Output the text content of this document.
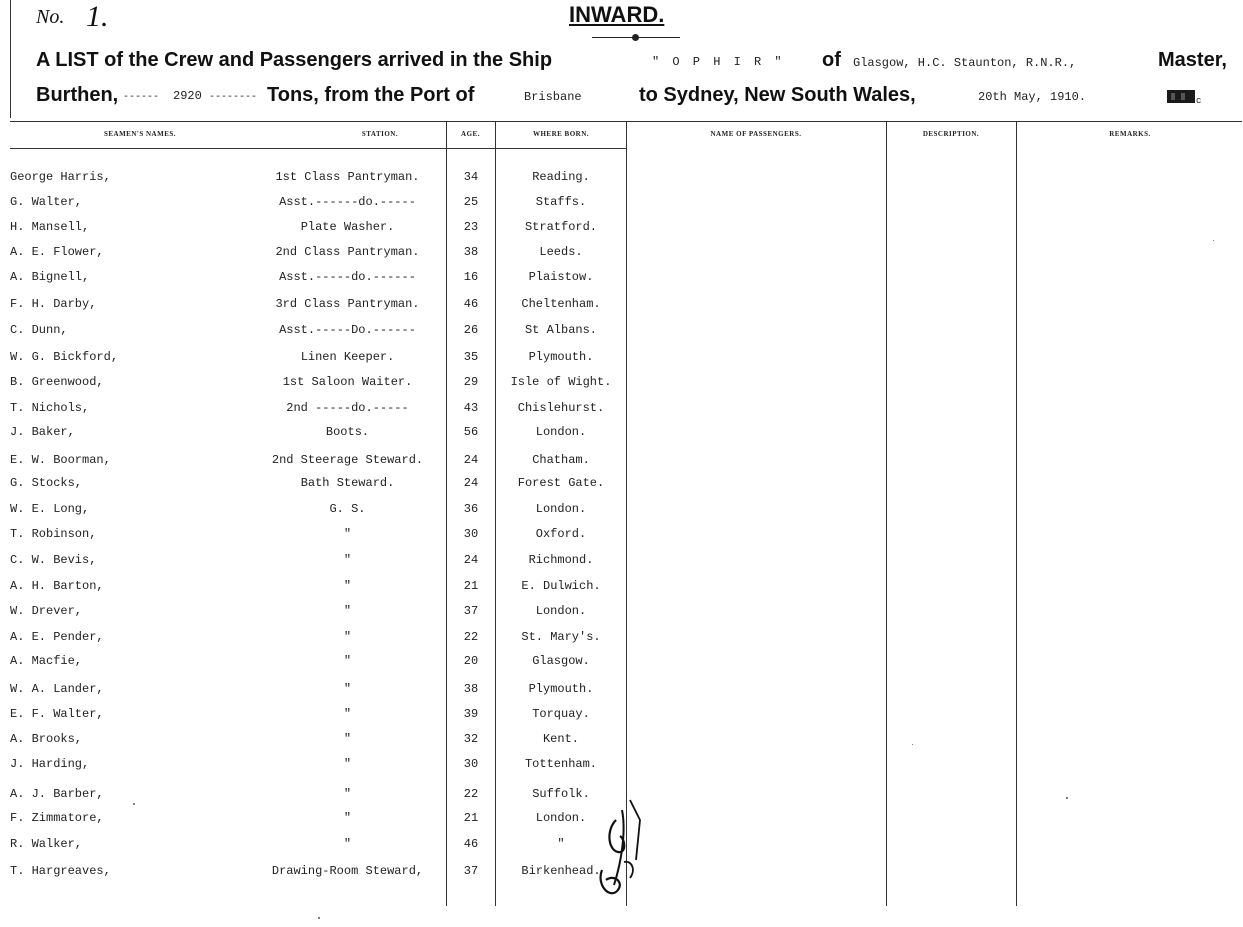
No. 1.	INWARD.
A LIST of the Crew and Passengers arrived in the Ship	" O P H I R " of Glasgow, H.C. Staunton, R.N.R.,	Master,
Burthen, ------ 2920 -------- Tons, from the Port of	Brisbane	to Sydney, New South Wales,	20th May, 1910.	c
SEAMEN'S NAMES.	STATION.	AGE.	WHERE BORN.	NAME OF PASSENGERS.	DESCRIPTION.	REMARKS.
George Harris,	1st Class Pantryman.	34	Reading.
G. Walter,	Asst.------do.-----	25	Staffs.
H. Mansell,	Plate Washer.	23	Stratford.
A. E. Flower,	2nd Class Pantryman.	38	Leeds.
A. Bignell,	Asst.-----do.------	16	Plaistow.
F. H. Darby,	3rd Class Pantryman.	46	Cheltenham.
C. Dunn,	Asst.-----Do.------	26	St Albans.
W. G. Bickford,	Linen Keeper.	35	Plymouth.
B. Greenwood,	1st Saloon Waiter.	29	Isle of Wight.
T. Nichols,	2nd -----do.-----	43	Chislehurst.
J. Baker,	Boots.	56	London.
E. W. Boorman,	2nd Steerage Steward.	24	Chatham.
G. Stocks,	Bath Steward.	24	Forest Gate.
W. E. Long,	G. S.	36	London.
T. Robinson,	"	30	Oxford.
C. W. Bevis,	"	24	Richmond.
A. H. Barton,	"	21	E. Dulwich.
W. Drever,	"	37	London.
A. E. Pender,	"	22	St. Mary's.
A. Macfie,	"	20	Glasgow.
W. A. Lander,	"	38	Plymouth.
E. F. Walter,	"	39	Torquay.
A. Brooks,	"	32	Kent.
J. Harding,	"	30	Tottenham.
A. J. Barber,	"	22	Suffolk.
F. Zimmatore,	"	21	London.
R. Walker,	"	46	"
T. Hargreaves,	Drawing-Room Steward,	37	Birkenhead.
